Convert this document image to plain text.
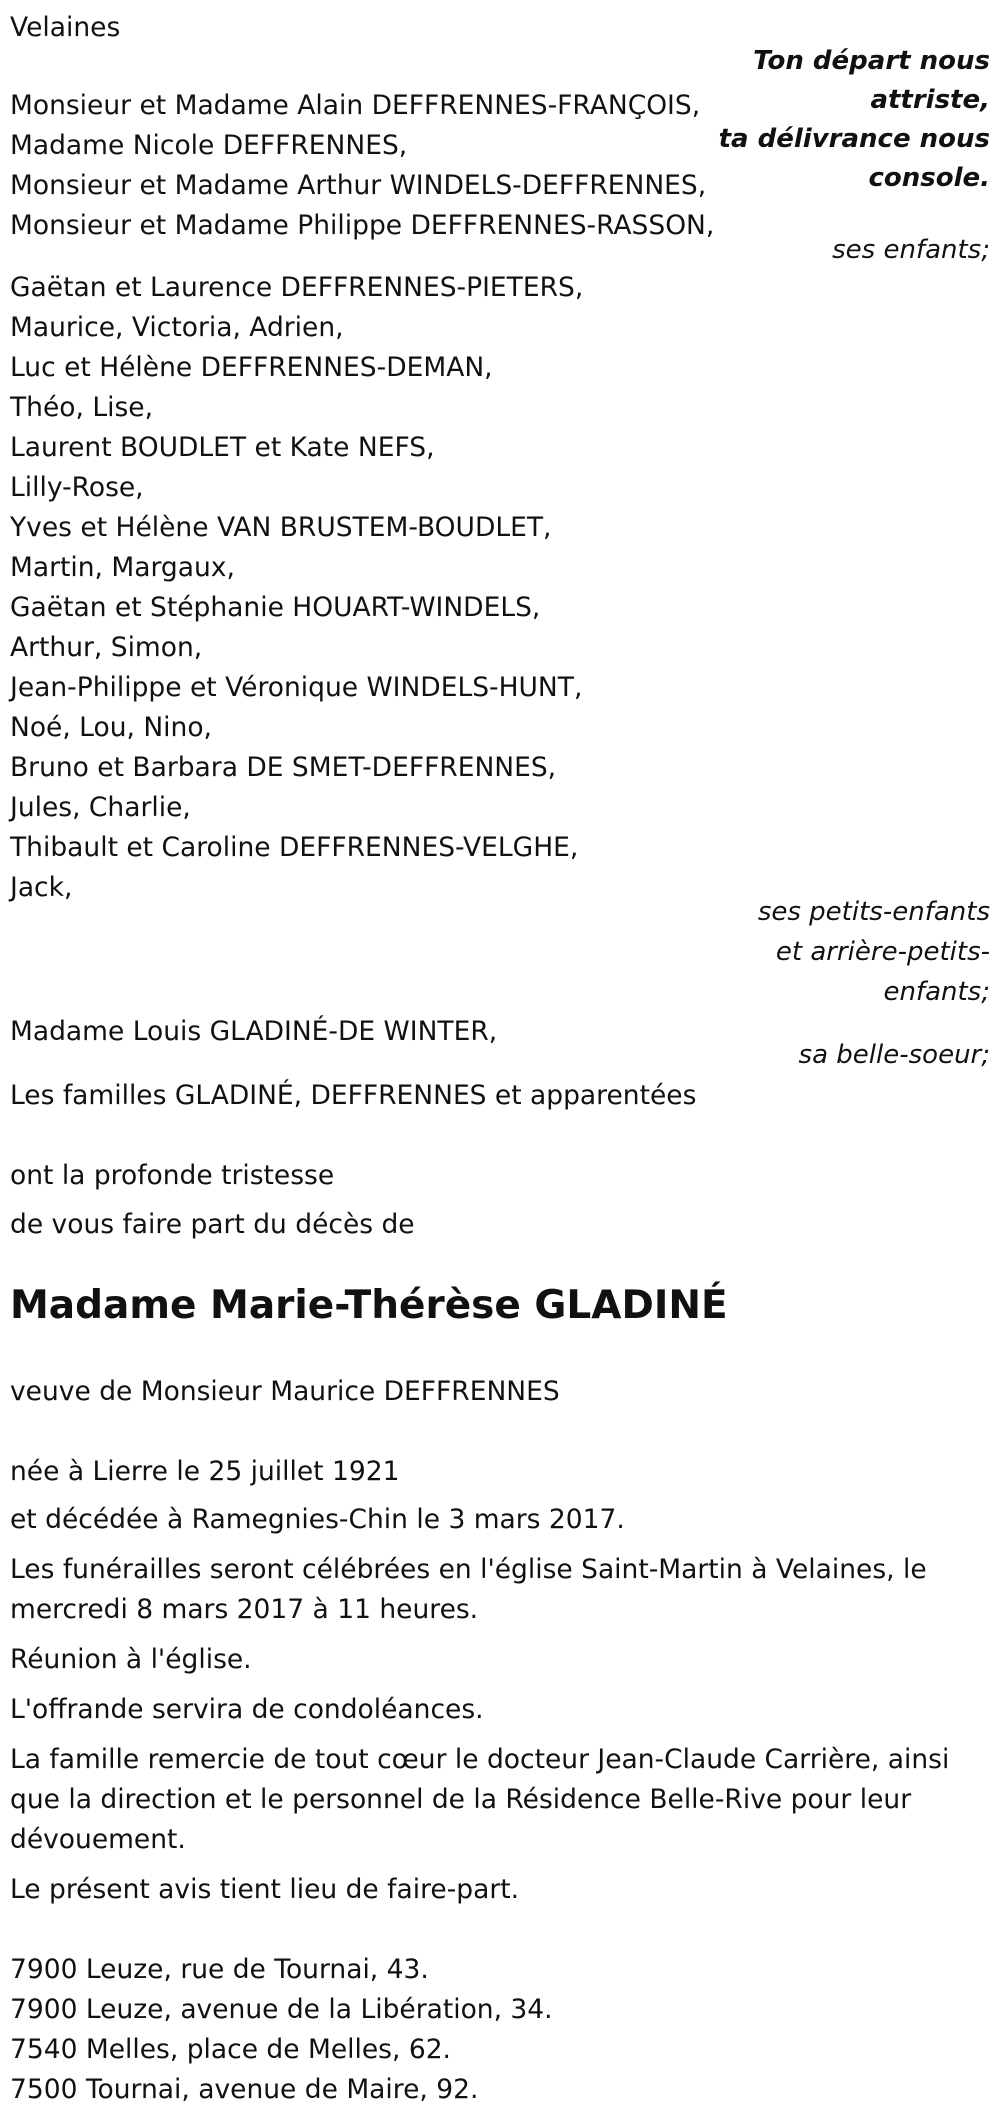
Velaines
Ton départ nous
attriste,
ta délivrance nous
console.
Monsieur et Madame Alain DEFFRENNES-FRANÇOIS,
Madame Nicole DEFFRENNES,
Monsieur et Madame Arthur WINDELS-DEFFRENNES,
Monsieur et Madame Philippe DEFFRENNES-RASSON,
ses enfants;
Gaëtan et Laurence DEFFRENNES-PIETERS,
Maurice, Victoria, Adrien,
Luc et Hélène DEFFRENNES-DEMAN,
Théo, Lise,
Laurent BOUDLET et Kate NEFS,
Lilly-Rose,
Yves et Hélène VAN BRUSTEM-BOUDLET,
Martin, Margaux,
Gaëtan et Stéphanie HOUART-WINDELS,
Arthur, Simon,
Jean-Philippe et Véronique WINDELS-HUNT,
Noé, Lou, Nino,
Bruno et Barbara DE SMET-DEFFRENNES,
Jules, Charlie,
Thibault et Caroline DEFFRENNES-VELGHE,
Jack,
ses petits-enfants
et arrière-petits-
enfants;
Madame Louis GLADINÉ-DE WINTER,
sa belle-soeur;
Les familles GLADINÉ, DEFFRENNES et apparentées
ont la profonde tristesse
de vous faire part du décès de
Madame Marie-Thérèse GLADINÉ
veuve de Monsieur Maurice DEFFRENNES
née à Lierre le 25 juillet 1921
et décédée à Ramegnies-Chin le 3 mars 2017.
Les funérailles seront célébrées en l'église Saint-Martin à Velaines, le mercredi 8 mars 2017 à 11 heures.
Réunion à l'église.
L'offrande servira de condoléances.
La famille remercie de tout cœur le docteur Jean-Claude Carrière, ainsi que la direction et le personnel de la Résidence Belle-Rive pour leur dévouement.
Le présent avis tient lieu de faire-part.
7900 Leuze, rue de Tournai, 43.
7900 Leuze, avenue de la Libération, 34.
7540 Melles, place de Melles, 62.
7500 Tournai, avenue de Maire, 92.
